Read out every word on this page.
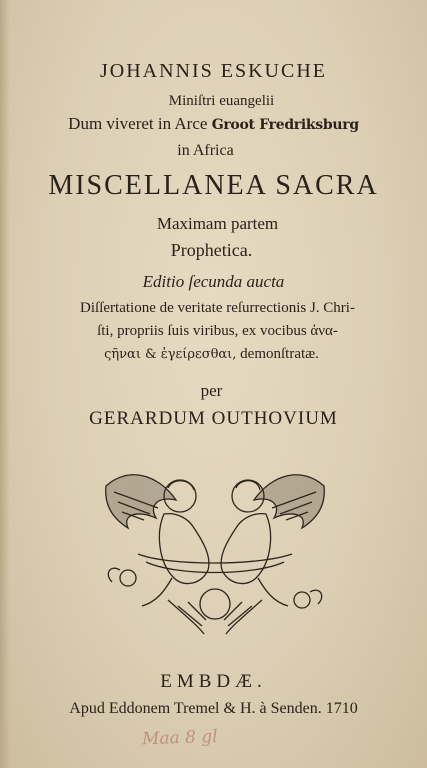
JOHANNIS ESKUCHE
Miniſtri euangelii
Dum viveret in Arce Groot Fredriksburg
in Africa
MISCELLANEA SACRA
Maximam partem
Prophetica.
Editio ſecunda aucta
Diſſertatione de veritate reſurrectionis J. Chri-
ſti, propriis ſuis viribus, ex vocibus ἀνα-
ςῆναι & ἐγείρεσθαι, demonſtratæ.
per
GERARDUM OUTHOVIUM
EMBDÆ.
Apud Eddonem Tremel & H. à Senden. 1710
Maa 8 gl
